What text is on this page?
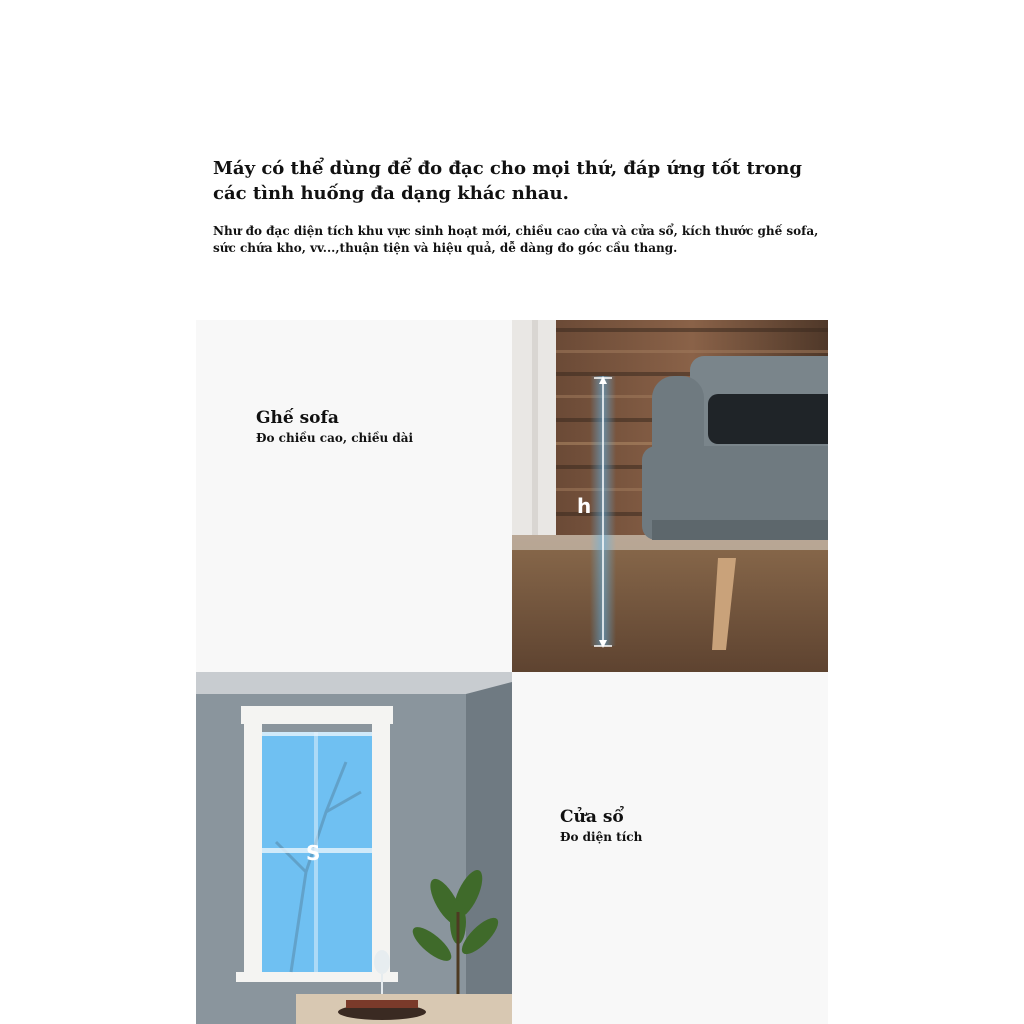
Máy có thể dùng để đo đạc cho mọi thứ, đáp ứng tốt trong các tình huống đa dạng khác nhau.

Như đo đạc diện tích khu vực sinh hoạt mới, chiều cao cửa và cửa sổ, kích thước ghế sofa, sức chứa kho, vv...,thuận tiện và hiệu quả, dễ dàng đo góc cầu thang.

Ghế sofa

Đo chiều cao, chiều dài

h
S

Cửa sổ

Đo diện tích
